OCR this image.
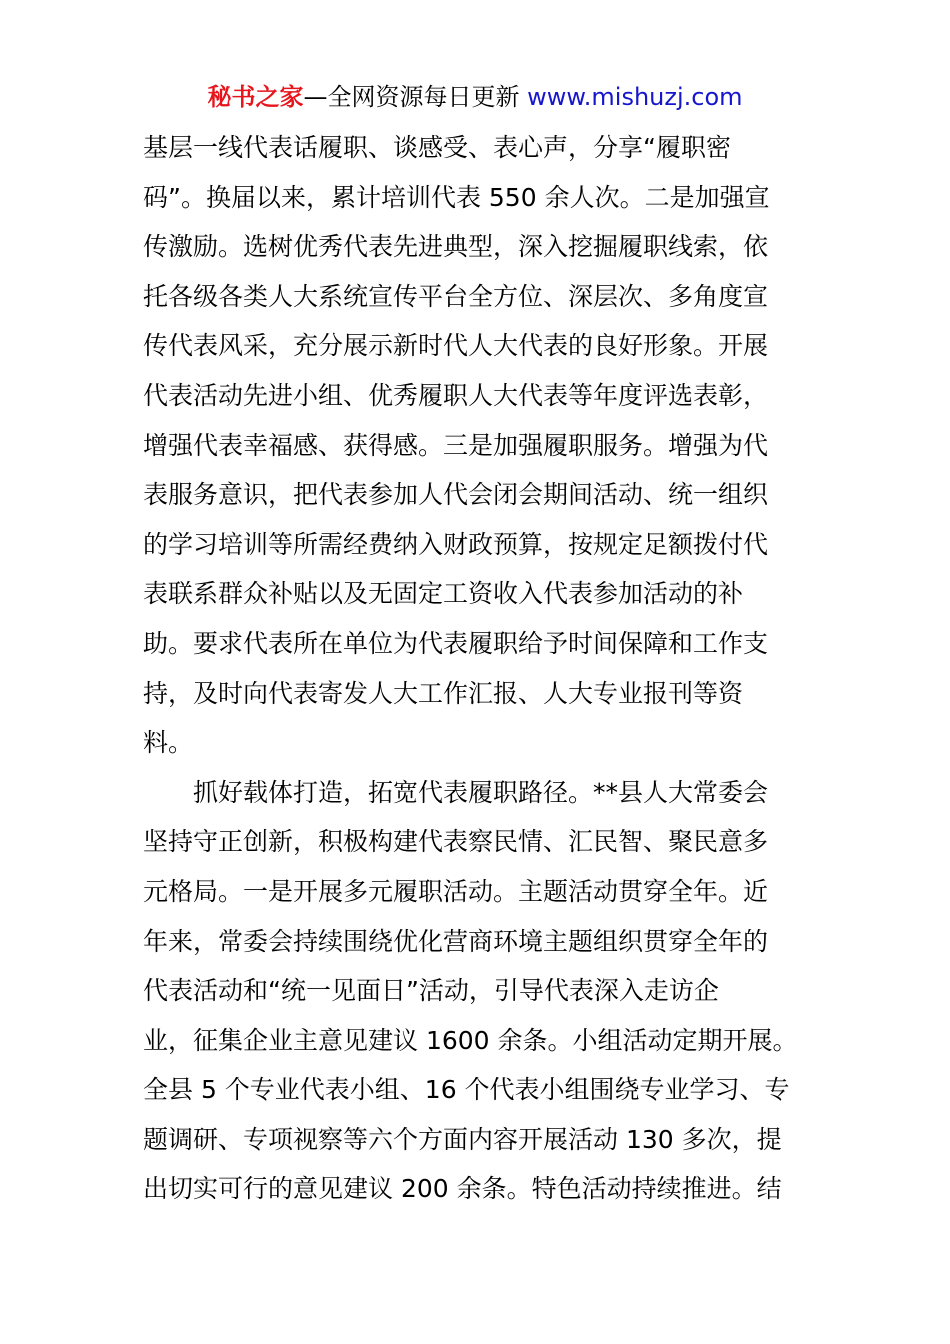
秘书之家—全网资源每日更新 www.mishuzj.com
基层一线代表话履职、谈感受、表心声，分享“履职密
码”。换届以来，累计培训代表 550 余人次。二是加强宣
传激励。选树优秀代表先进典型，深入挖掘履职线索，依
托各级各类人大系统宣传平台全方位、深层次、多角度宣
传代表风采，充分展示新时代人大代表的良好形象。开展
代表活动先进小组、优秀履职人大代表等年度评选表彰，
增强代表幸福感、获得感。三是加强履职服务。增强为代
表服务意识，把代表参加人代会闭会期间活动、统一组织
的学习培训等所需经费纳入财政预算，按规定足额拨付代
表联系群众补贴以及无固定工资收入代表参加活动的补
助。要求代表所在单位为代表履职给予时间保障和工作支
持，及时向代表寄发人大工作汇报、人大专业报刊等资
料。
抓好载体打造，拓宽代表履职路径。**县人大常委会
坚持守正创新，积极构建代表察民情、汇民智、聚民意多
元格局。一是开展多元履职活动。主题活动贯穿全年。近
年来，常委会持续围绕优化营商环境主题组织贯穿全年的
代表活动和“统一见面日”活动，引导代表深入走访企
业，征集企业主意见建议 1600 余条。小组活动定期开展。
全县 5 个专业代表小组、16 个代表小组围绕专业学习、专
题调研、专项视察等六个方面内容开展活动 130 多次，提
出切实可行的意见建议 200 余条。特色活动持续推进。结
